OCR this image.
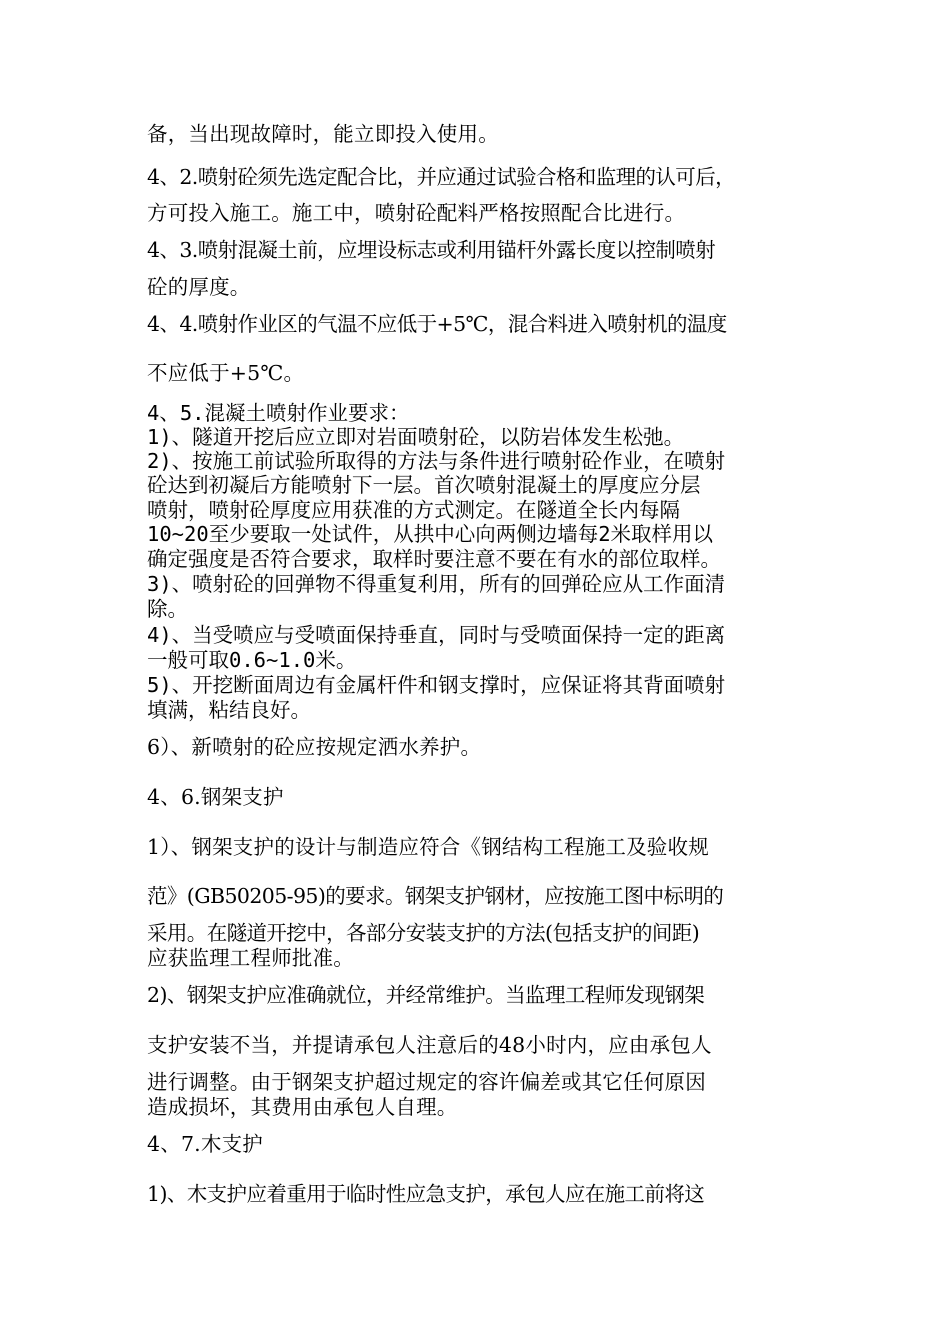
备，当出现故障时，能立即投入使用。
4、2.喷射砼须先选定配合比，并应通过试验合格和监理的认可后，
方可投入施工。施工中，喷射砼配料严格按照配合比进行。
4、3.喷射混凝土前，应埋设标志或利用锚杆外露长度以控制喷射
砼的厚度。
4、4.喷射作业区的气温不应低于+5℃，混合料进入喷射机的温度
不应低于+5℃。
4、5.混凝土喷射作业要求：
1)、隧道开挖后应立即对岩面喷射砼，以防岩体发生松弛。
2)、按施工前试验所取得的方法与条件进行喷射砼作业，在喷射
砼达到初凝后方能喷射下一层。首次喷射混凝土的厚度应分层
喷射，喷射砼厚度应用获准的方式测定。在隧道全长内每隔
10~20至少要取一处试件，从拱中心向两侧边墙每2米取样用以
确定强度是否符合要求，取样时要注意不要在有水的部位取样。
3)、喷射砼的回弹物不得重复利用，所有的回弹砼应从工作面清
除。
4)、当受喷应与受喷面保持垂直，同时与受喷面保持一定的距离
一般可取0.6~1.0米。
5)、开挖断面周边有金属杆件和钢支撑时，应保证将其背面喷射
填满，粘结良好。
6）、新喷射的砼应按规定洒水养护。
4、6.钢架支护
1）、钢架支护的设计与制造应符合《钢结构工程施工及验收规
范》(GB50205-95)的要求。钢架支护钢材，应按施工图中标明的
采用。在隧道开挖中，各部分安装支护的方法(包括支护的间距)
应获监理工程师批准。
2)、钢架支护应准确就位，并经常维护。当监理工程师发现钢架
支护安装不当，并提请承包人注意后的48小时内，应由承包人
进行调整。由于钢架支护超过规定的容许偏差或其它任何原因
造成损坏，其费用由承包人自理。
4、7.木支护
1)、木支护应着重用于临时性应急支护，承包人应在施工前将这
